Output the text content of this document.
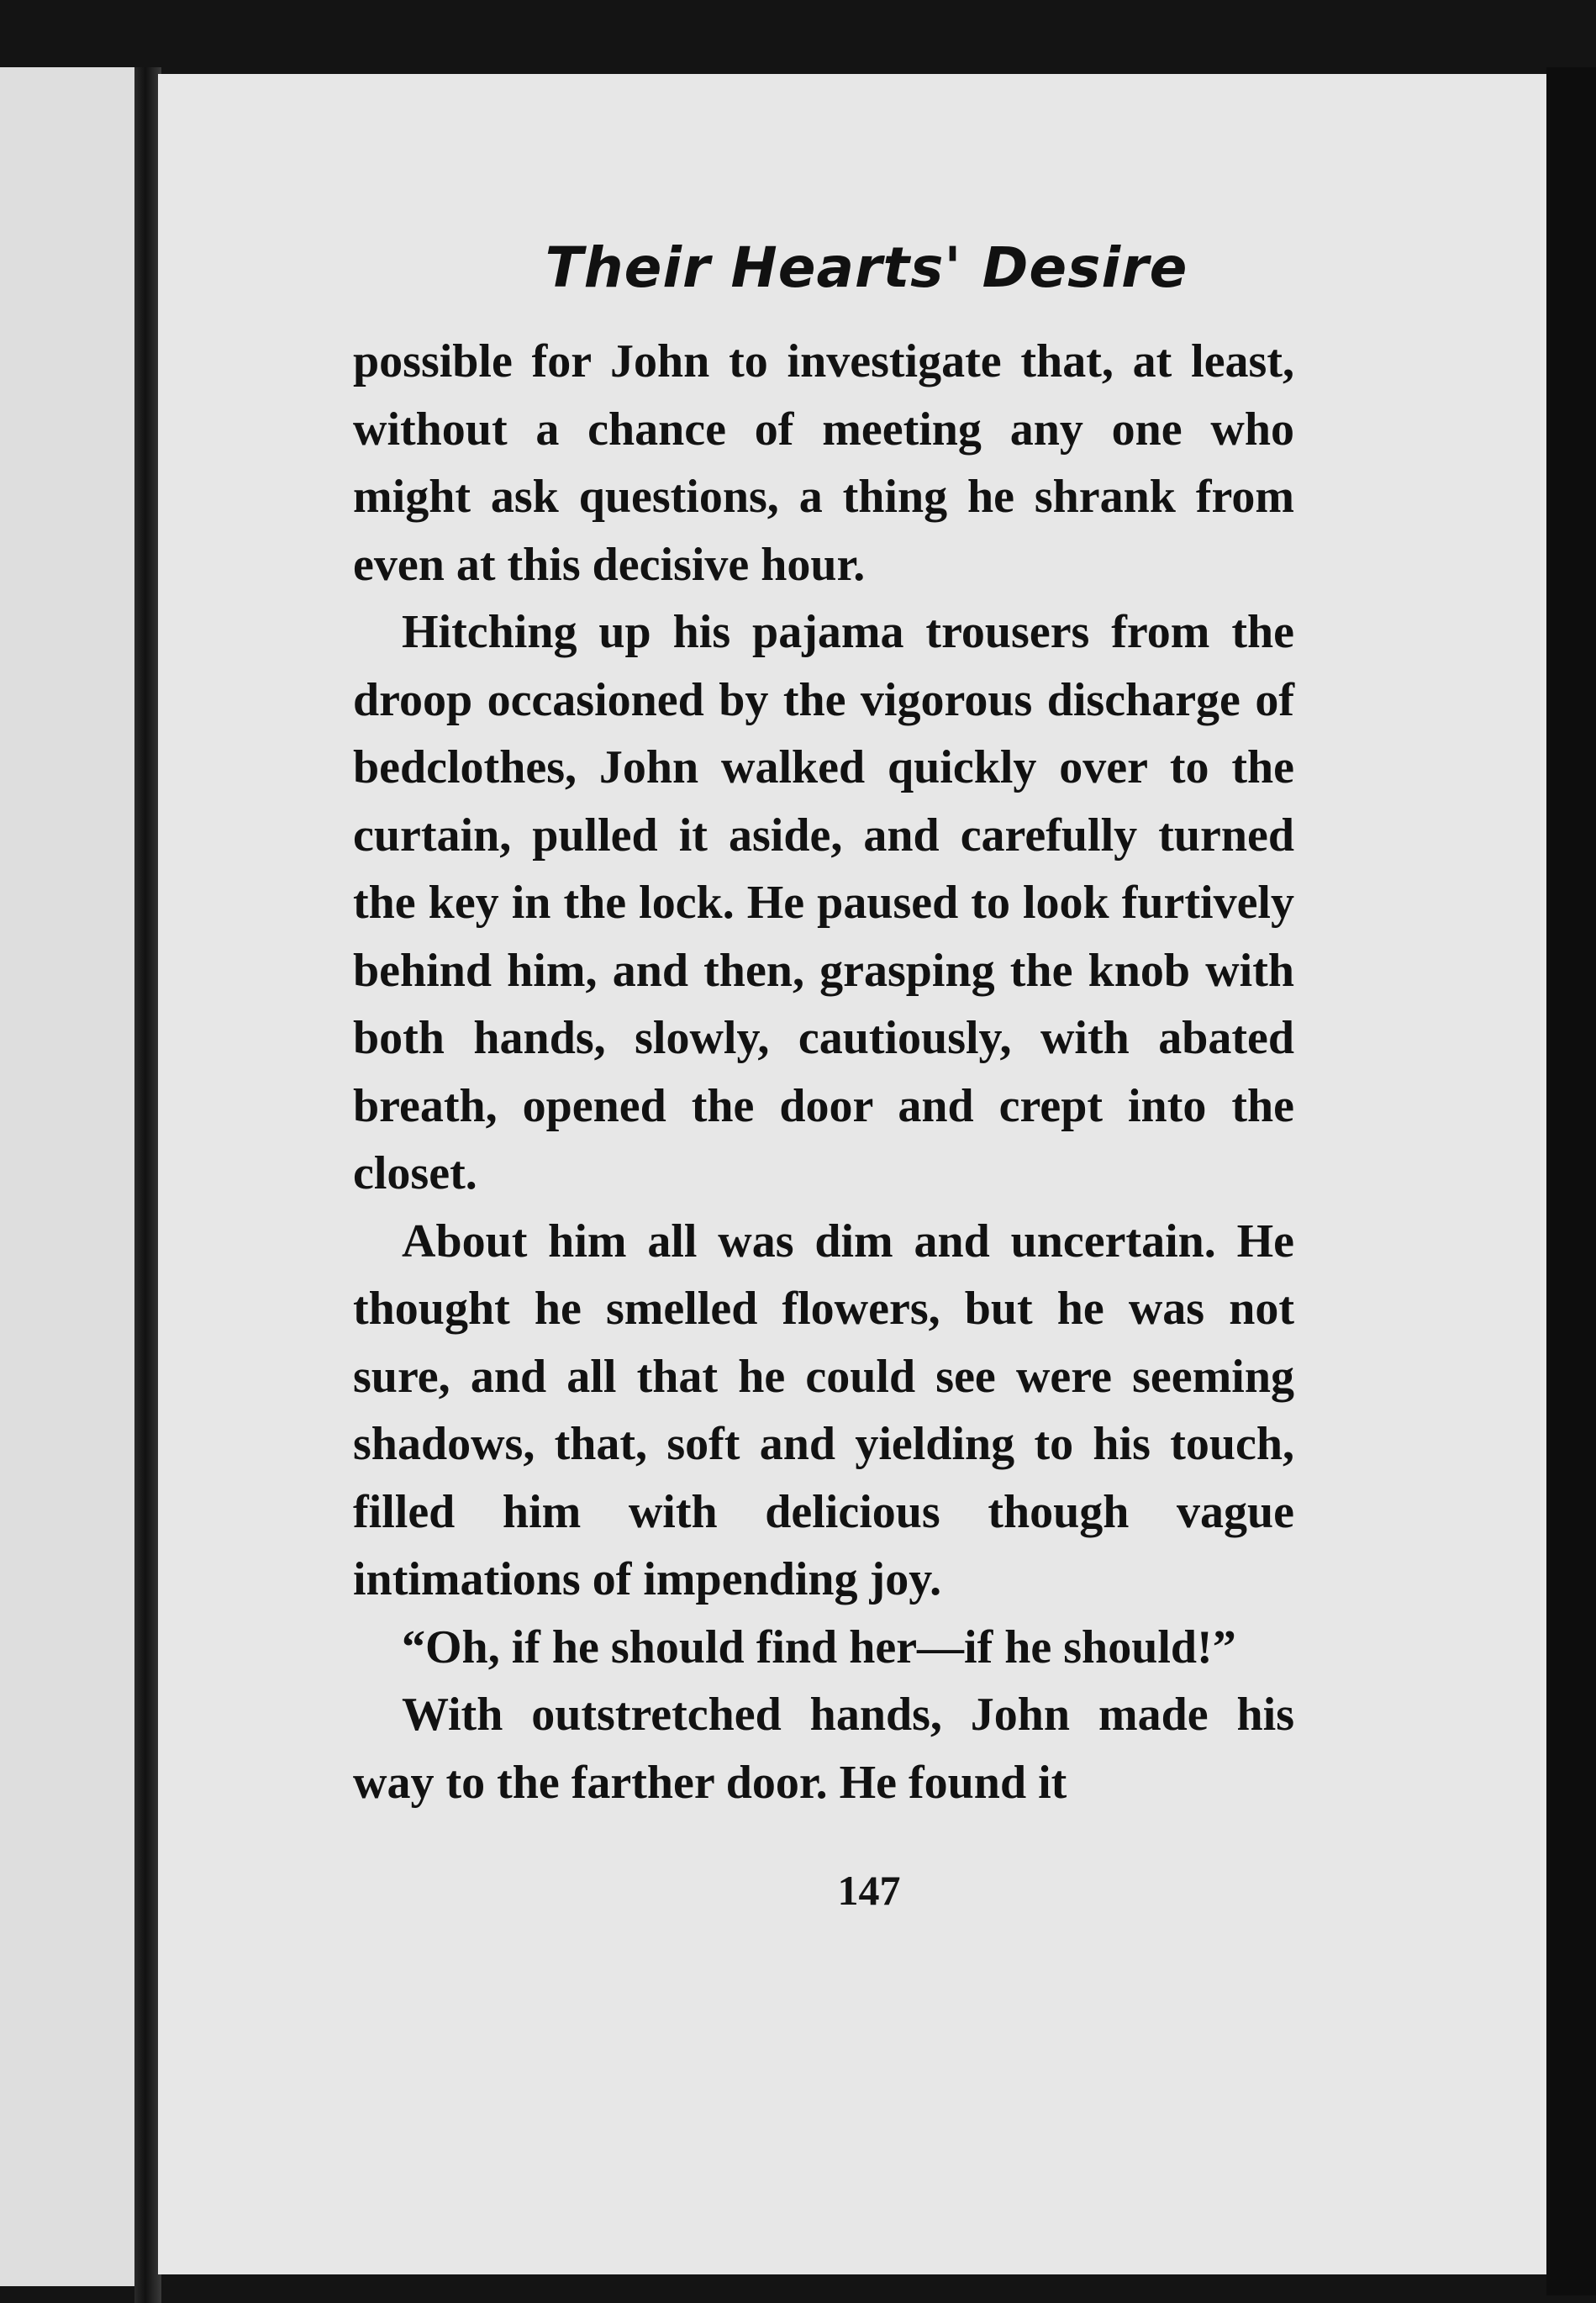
Their Hearts' Desire

possible for John to investigate that, at least, without a chance of meeting any one who might ask questions, a thing he shrank from even at this decisive hour.

Hitching up his pajama trousers from the droop occasioned by the vigorous discharge of bedclothes, John walked quickly over to the curtain, pulled it aside, and carefully turned the key in the lock. He paused to look furtively behind him, and then, grasping the knob with both hands, slowly, cautiously, with abated breath, opened the door and crept into the closet.

About him all was dim and uncertain. He thought he smelled flowers, but he was not sure, and all that he could see were seeming shadows, that, soft and yielding to his touch, filled him with delicious though vague intimations of impending joy.

“Oh, if he should find her—if he should!”

With outstretched hands, John made his way to the farther door. He found it

147
